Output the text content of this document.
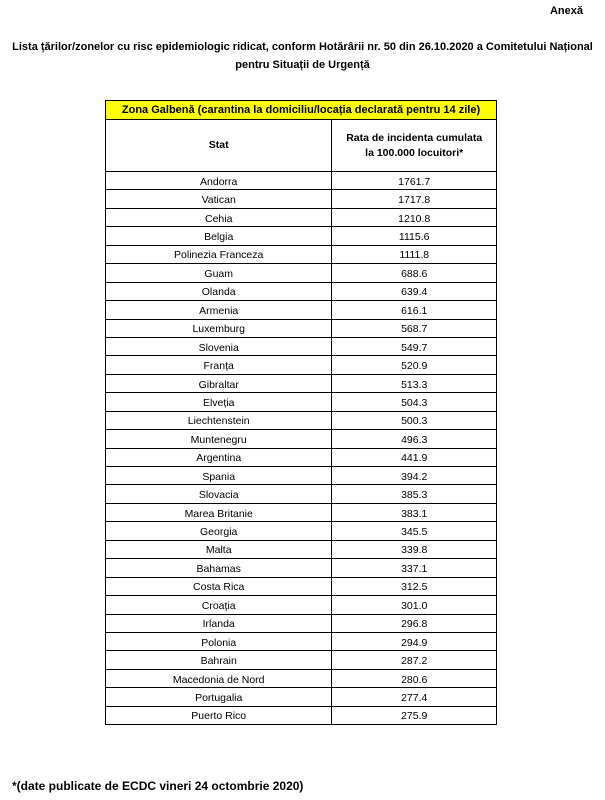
Anexă
Lista țărilor/zonelor cu risc epidemiologic ridicat, conform Hotărârii nr. 50 din 26.10.2020 a Comitetului Național
pentru Situații de Urgență
Zona Galbenă (carantina la domiciliu/locația declarată pentru 14 zile)	
Stat	Rata de incidenta cumulata
la 100.000 locuitori*
Andorra	1761.7
Vatican	1717.8
Cehia	1210.8
Belgia	1115.6
Polinezia Franceza	1111.8
Guam	688.6
Olanda	639.4
Armenia	616.1
Luxemburg	568.7
Slovenia	549.7
Franța	520.9
Gibraltar	513.3
Elveția	504.3
Liechtenstein	500.3
Muntenegru	496.3
Argentina	441.9
Spania	394.2
Slovacia	385.3
Marea Britanie	383.1
Georgia	345.5
Malta	339.8
Bahamas	337.1
Costa Rica	312.5
Croația	301.0
Irlanda	296.8
Polonia	294.9
Bahrain	287.2
Macedonia de Nord	280.6
Portugalia	277.4
Puerto Rico	275.9
*(date publicate de ECDC vineri 24 octombrie 2020)
